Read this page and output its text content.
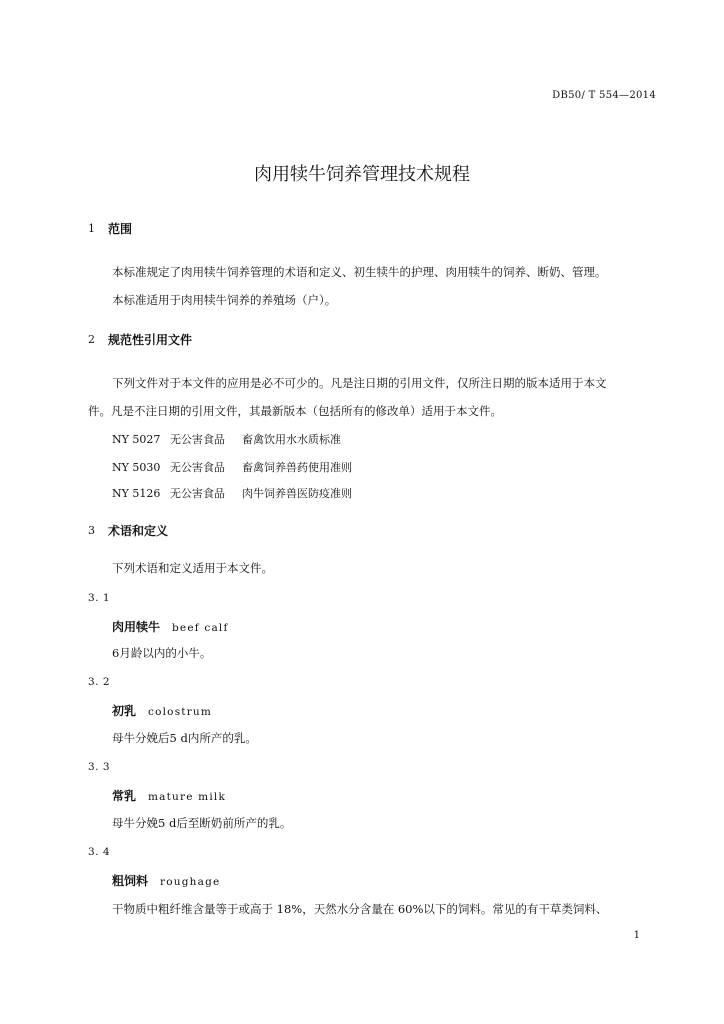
DB50/ T 554—2014
肉用犊牛饲养管理技术规程
1 范围
本标准规定了肉用犊牛饲养管理的术语和定义、初生犊牛的护理、肉用犊牛的饲养、断奶、管理。
本标准适用于肉用犊牛饲养的养殖场（户）。
2 规范性引用文件
下列文件对于本文件的应用是必不可少的。凡是注日期的引用文件，仅所注日期的版本适用于本文
件。凡是不注日期的引用文件，其最新版本（包括所有的修改单）适用于本文件。
NY 5027 无公害食品 畜禽饮用水水质标准
NY 5030 无公害食品 畜禽饲养兽药使用准则
NY 5126 无公害食品 肉牛饲养兽医防疫准则
3 术语和定义
下列术语和定义适用于本文件。
3. 1
肉用犊牛 beef calf
6月龄以内的小牛。
3. 2
初乳 colostrum
母牛分娩后5 d内所产的乳。
3. 3
常乳 mature milk
母牛分娩5 d后至断奶前所产的乳。
3. 4
粗饲料 roughage
干物质中粗纤维含量等于或高于 18%，天然水分含量在 60%以下的饲料。常见的有干草类饲料、
1
